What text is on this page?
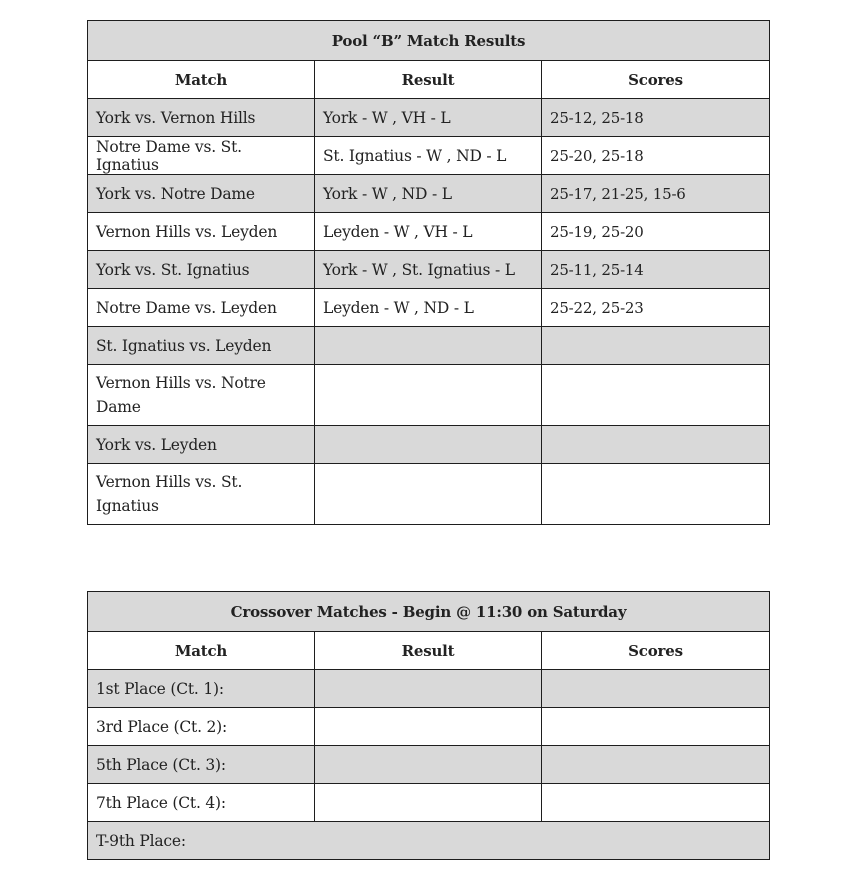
Pool “B” Match Results		
Match	Result	Scores
York vs. Vernon Hills	York - W , VH - L	25-12, 25-18
Notre Dame vs. St. Ignatius	St. Ignatius - W , ND - L	25-20, 25-18
York vs. Notre Dame	York - W , ND - L	25-17, 21-25, 15-6
Vernon Hills vs. Leyden	Leyden - W , VH - L	25-19, 25-20
York vs. St. Ignatius	York - W , St. Ignatius - L	25-11, 25-14
Notre Dame vs. Leyden	Leyden - W , ND - L	25-22, 25-23
St. Ignatius vs. Leyden		
Vernon Hills vs. Notre Dame		
York vs. Leyden		
Vernon Hills vs. St. Ignatius		
Crossover Matches - Begin @ 11:30 on Saturday		
Match	Result	Scores
1st Place (Ct. 1):		
3rd Place (Ct. 2):		
5th Place (Ct. 3):		
7th Place (Ct. 4):		
T-9th Place:		
